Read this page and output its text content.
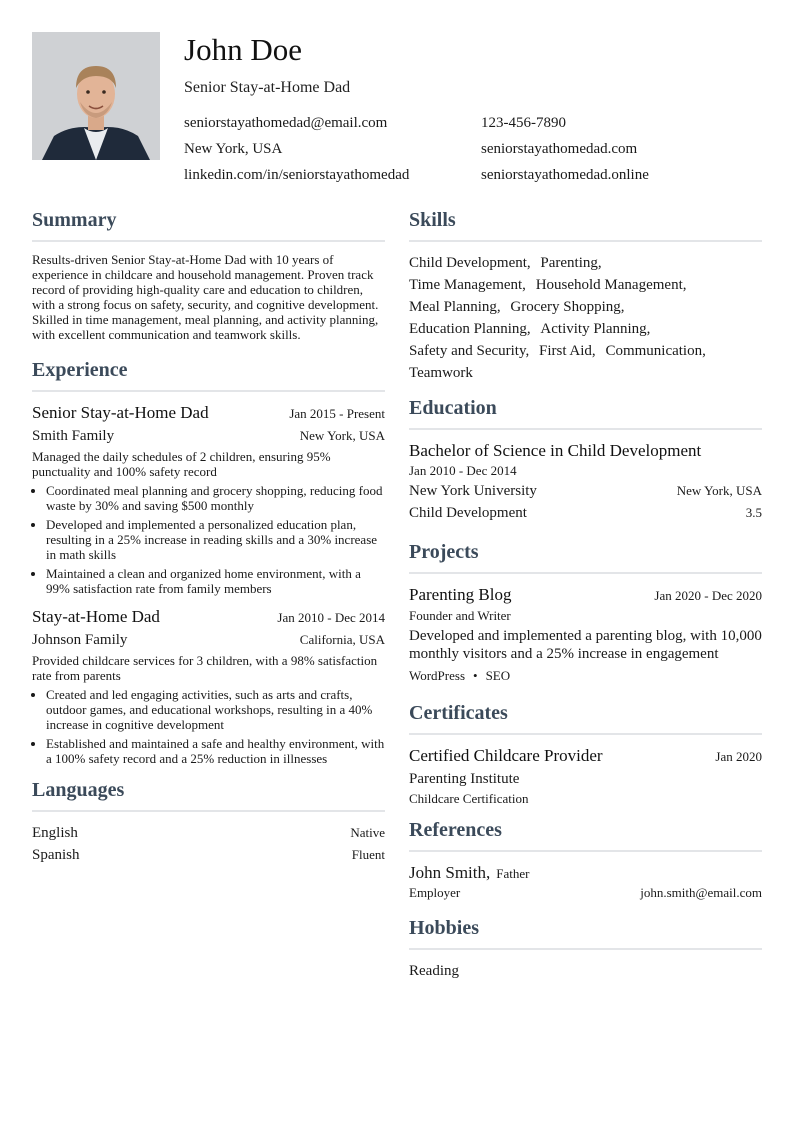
John Doe
Senior Stay-at-Home Dad
seniorstayathomedad@email.com	123-456-7890
New York, USA	seniorstayathomedad.com
linkedin.com/in/seniorstayathomedad	seniorstayathomedad.online
Summary

Results-driven Senior Stay-at-Home Dad with 10 years of experience in childcare and household management. Proven track record of providing high-quality care and education to children, with a strong focus on safety, security, and cognitive development. Skilled in time management, meal planning, and activity planning, with excellent communication and teamwork skills.

Experience
Senior Stay-at-Home Dad	Jan 2015 - Present
Smith Family	New York, USA

Managed the daily schedules of 2 children, ensuring 95% punctuality and 100% safety record

• Coordinated meal planning and grocery shopping, reducing food waste by 30% and saving $500 monthly
• Developed and implemented a personalized education plan, resulting in a 25% increase in reading skills and a 30% increase in math skills
• Maintained a clean and organized home environment, with a 99% satisfaction rate from family members
Stay-at-Home Dad	Jan 2010 - Dec 2014
Johnson Family	California, USA

Provided childcare services for 3 children, with a 98% satisfaction rate from parents

• Created and led engaging activities, such as arts and crafts, outdoor games, and educational workshops, resulting in a 40% increase in cognitive development
• Established and maintained a safe and healthy environment, with a 100% safety record and a 25% reduction in illnesses
Languages
English	Native
Spanish	Fluent
Skills
Child Development, Parenting,
Time Management, Household Management,
Meal Planning, Grocery Shopping,
Education Planning, Activity Planning,
Safety and Security, First Aid, Communication,
Teamwork
Education
Bachelor of Science in Child Development
Jan 2010 - Dec 2014
New York University	New York, USA
Child Development	3.5
Projects
Parenting Blog	Jan 2020 - Dec 2020
Founder and Writer

Developed and implemented a parenting blog, with 10,000 monthly visitors and a 25% increase in engagement

WordPress • SEO
Certificates
Certified Childcare Provider	Jan 2020
Parenting Institute
Childcare Certification
References
John Smith, Father
Employer	john.smith@email.com
Hobbies
Reading
